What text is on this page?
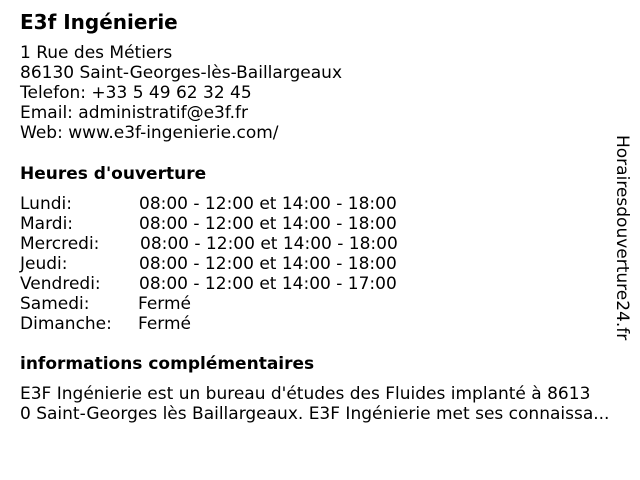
E3f Ingénierie
1 Rue des Métiers
86130 Saint-Georges-lès-Baillargeaux
Telefon: +33 5 49 62 32 45
Email: administratif@e3f.fr
Web: www.e3f-ingenierie.com/
Heures d'ouverture
Lundi:	08:00 - 12:00 et 14:00 - 18:00
Mardi:	08:00 - 12:00 et 14:00 - 18:00
Mercredi: 08:00 - 12:00 et 14:00 - 18:00
Jeudi:	08:00 - 12:00 et 14:00 - 18:00
Vendredi: 08:00 - 12:00 et 14:00 - 17:00
Samedi:	Fermé
Dimanche: Fermé
informations complémentaires
E3F Ingénierie est un bureau d'études des Fluides implanté à 8613
0 Saint-Georges lès Baillargeaux. E3F Ingénierie met ses connaissa...
Horairesdouverture24.fr
